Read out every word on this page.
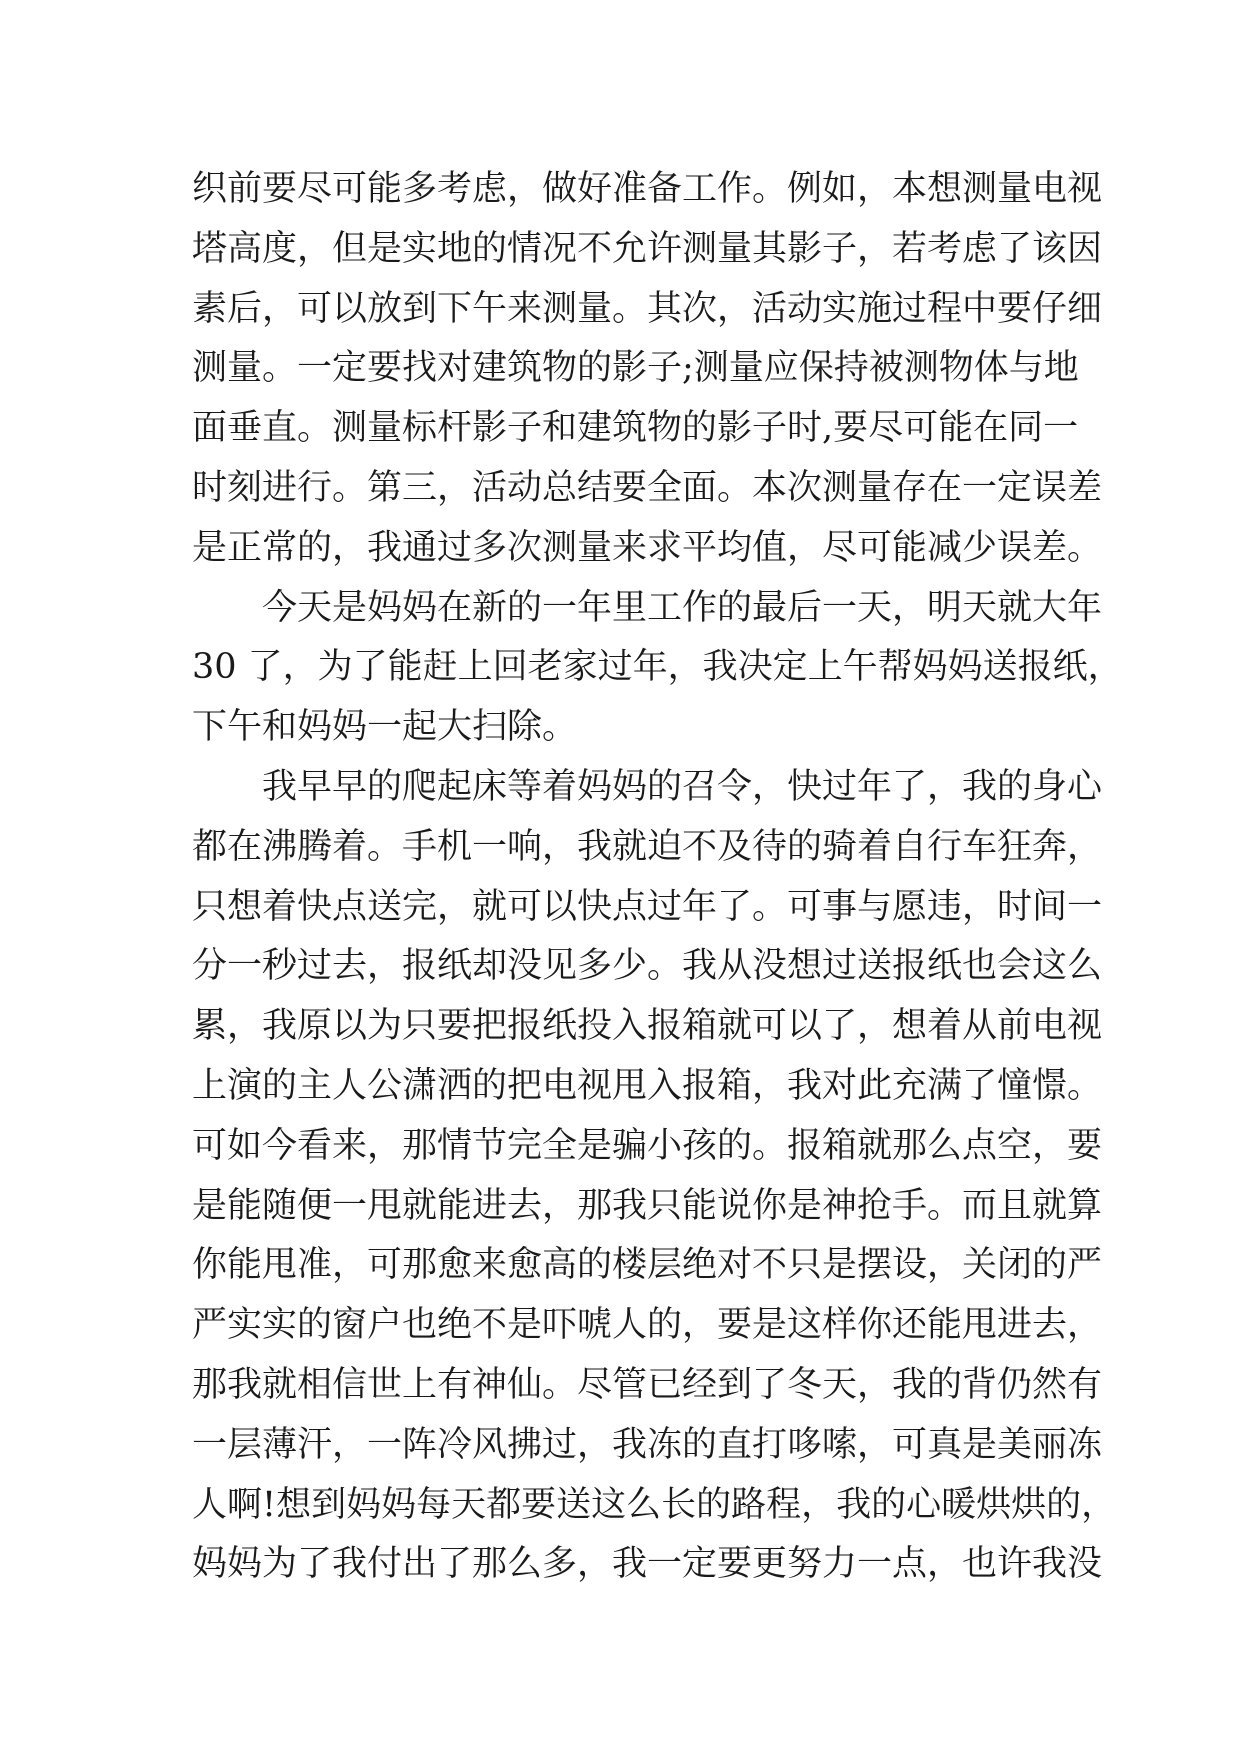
织前要尽可能多考虑，做好准备工作。例如，本想测量电视
塔高度，但是实地的情况不允许测量其影子，若考虑了该因
素后，可以放到下午来测量。其次，活动实施过程中要仔细
测量。一定要找对建筑物的影子;测量应保持被测物体与地
面垂直。测量标杆影子和建筑物的影子时,要尽可能在同一
时刻进行。第三，活动总结要全面。本次测量存在一定误差
是正常的，我通过多次测量来求平均值，尽可能减少误差。
　　今天是妈妈在新的一年里工作的最后一天，明天就大年
30 了，为了能赶上回老家过年，我决定上午帮妈妈送报纸，
下午和妈妈一起大扫除。
　　我早早的爬起床等着妈妈的召令，快过年了，我的身心
都在沸腾着。手机一响，我就迫不及待的骑着自行车狂奔，
只想着快点送完，就可以快点过年了。可事与愿违，时间一
分一秒过去，报纸却没见多少。我从没想过送报纸也会这么
累，我原以为只要把报纸投入报箱就可以了，想着从前电视
上演的主人公潇洒的把电视甩入报箱，我对此充满了憧憬。
可如今看来，那情节完全是骗小孩的。报箱就那么点空，要
是能随便一甩就能进去，那我只能说你是神抢手。而且就算
你能甩准，可那愈来愈高的楼层绝对不只是摆设，关闭的严
严实实的窗户也绝不是吓唬人的，要是这样你还能甩进去，
那我就相信世上有神仙。尽管已经到了冬天，我的背仍然有
一层薄汗，一阵冷风拂过，我冻的直打哆嗦，可真是美丽冻
人啊!想到妈妈每天都要送这么长的路程，我的心暖烘烘的，
妈妈为了我付出了那么多，我一定要更努力一点，也许我没
